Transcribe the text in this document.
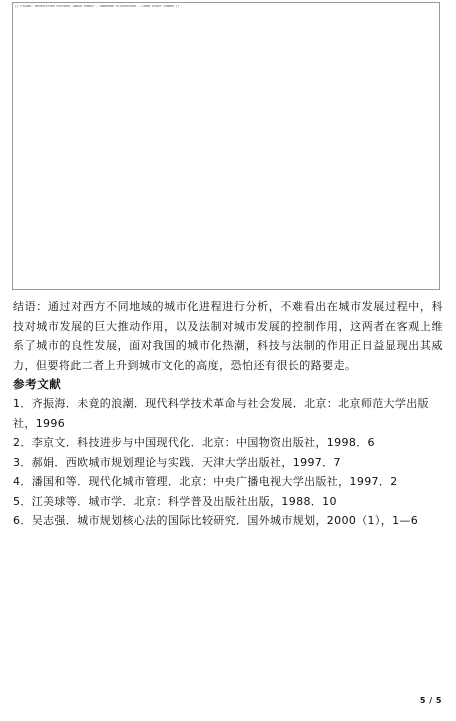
[[ FIGURE: RETROFITTED HISTORIC URBAN FABRIC — RENDERED PLACEHOLDER — LOWER RIGHT CORNER ]]

结语：通过对西方不同地域的城市化进程进行分析，不难看出在城市发展过程中，科技对城市发展的巨大推动作用，以及法制对城市发展的控制作用，这两者在客观上维系了城市的良性发展，面对我国的城市化热潮，科技与法制的作用正日益显现出其威力，但要将此二者上升到城市文化的高度，恐怕还有很长的路要走。

参考文献

1．齐振海．未竟的浪潮．现代科学技术革命与社会发展．北京：北京师范大学出版社，1996
2．李京文．科技进步与中国现代化．北京：中国物资出版社，1998．6
3．郝娟．西欧城市规划理论与实践．天津大学出版社，1997．7
4．潘国和等．现代化城市管理．北京：中央广播电视大学出版社，1997．2
5．江美球等．城市学．北京：科学普及出版社出版，1988．10
6．吴志强．城市规划核心法的国际比较研究．国外城市规划，2000（1），1—6
5 / 5
